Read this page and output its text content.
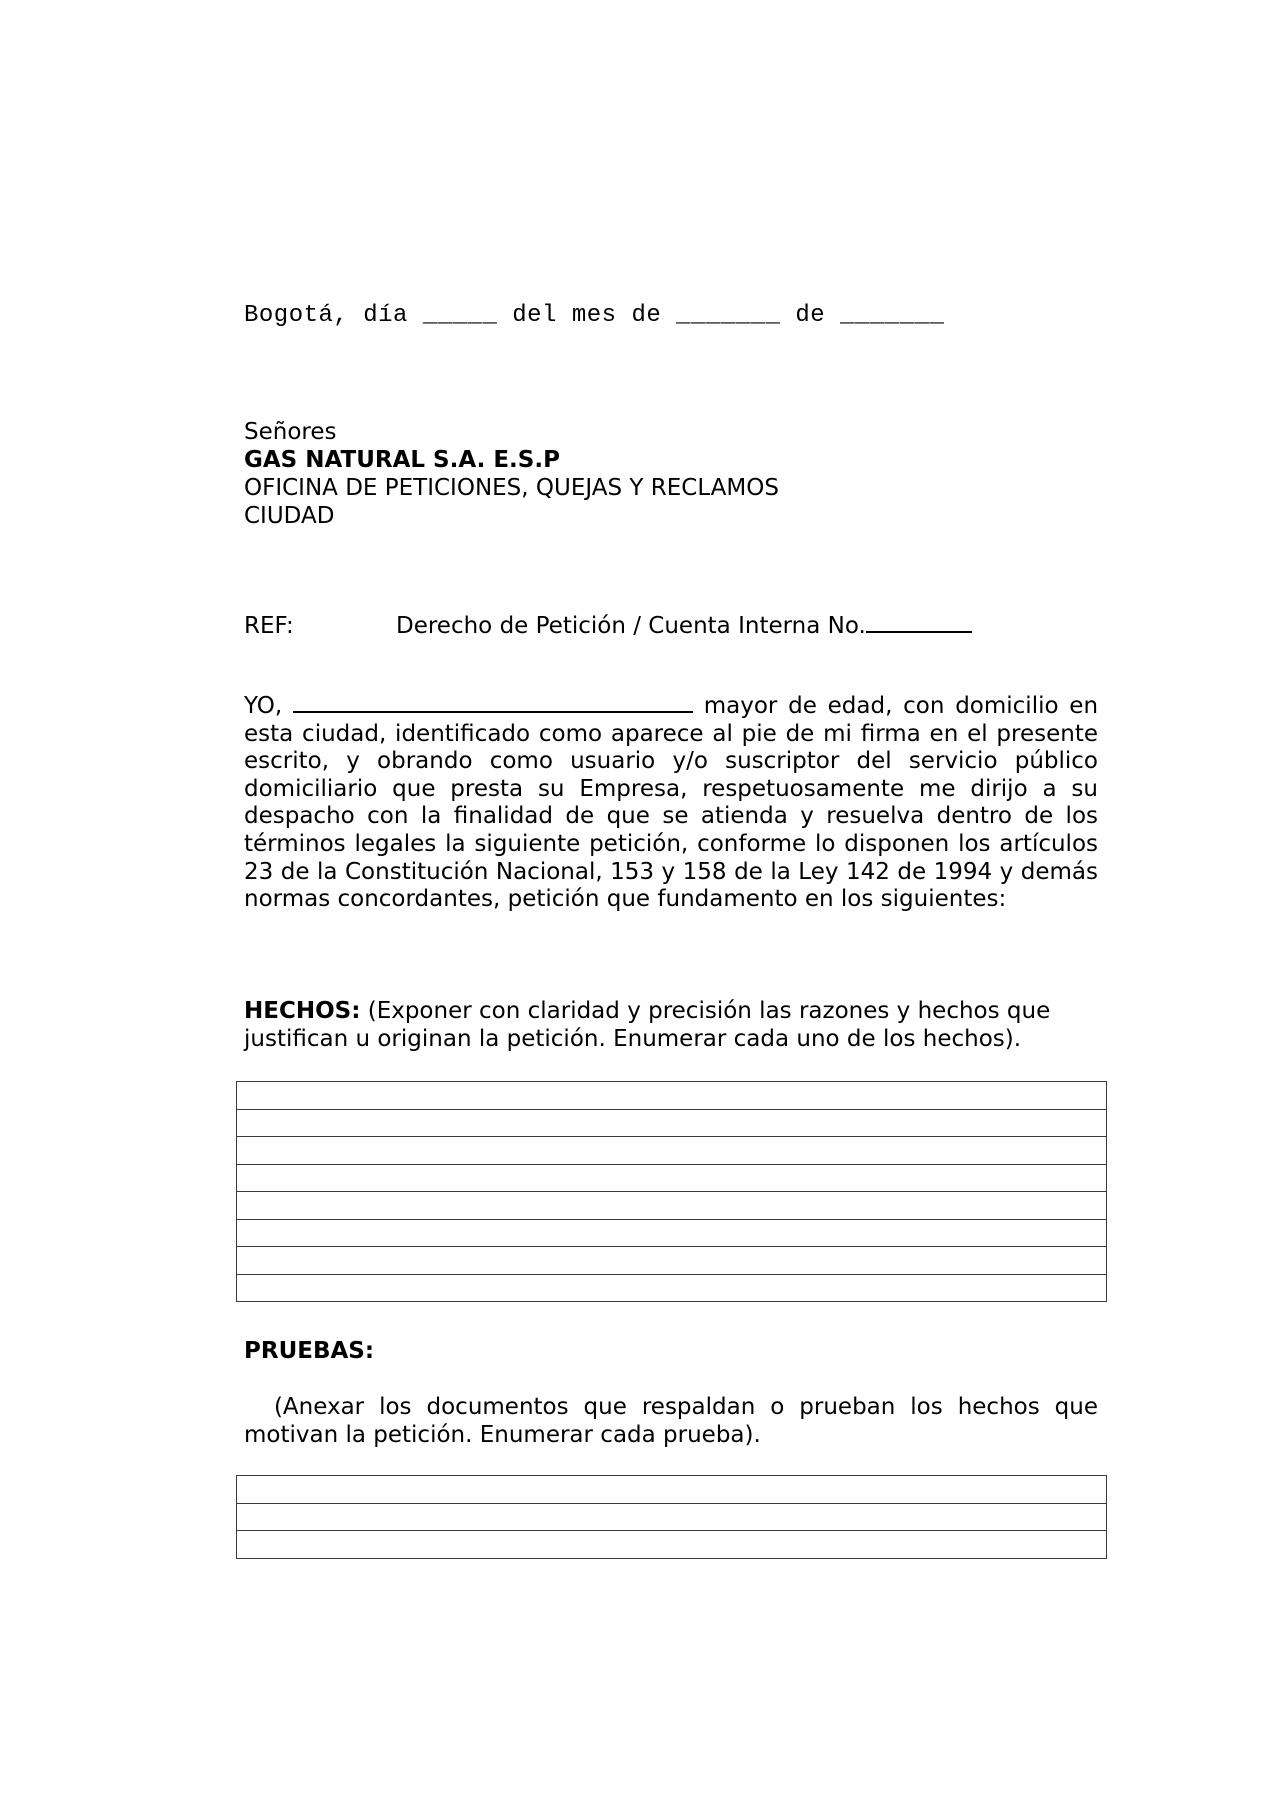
Bogotá, día _____ del mes de _______ de _______
Señores
GAS NATURAL S.A. E.S.P
OFICINA DE PETICIONES, QUEJAS Y RECLAMOS
CIUDAD
REF:	Derecho de Petición / Cuenta Interna No.
YO,	mayor de edad, con domicilio en esta ciudad, identificado como aparece al pie de mi firma en el presente escrito, y obrando como usuario y/o suscriptor del servicio público domiciliario que presta su Empresa, respetuosamente me dirijo a su despacho con la finalidad de que se atienda y resuelva dentro de los términos legales la siguiente petición, conforme lo disponen los artículos 23 de la Constitución Nacional, 153 y 158 de la Ley 142 de 1994 y demás normas concordantes, petición que fundamento en los siguientes:
HECHOS: (Exponer con claridad y precisión las razones y hechos que justifican u originan la petición. Enumerar cada uno de los hechos).

PRUEBAS:
(Anexar los documentos que respaldan o prueban los hechos que motivan la petición. Enumerar cada prueba).
